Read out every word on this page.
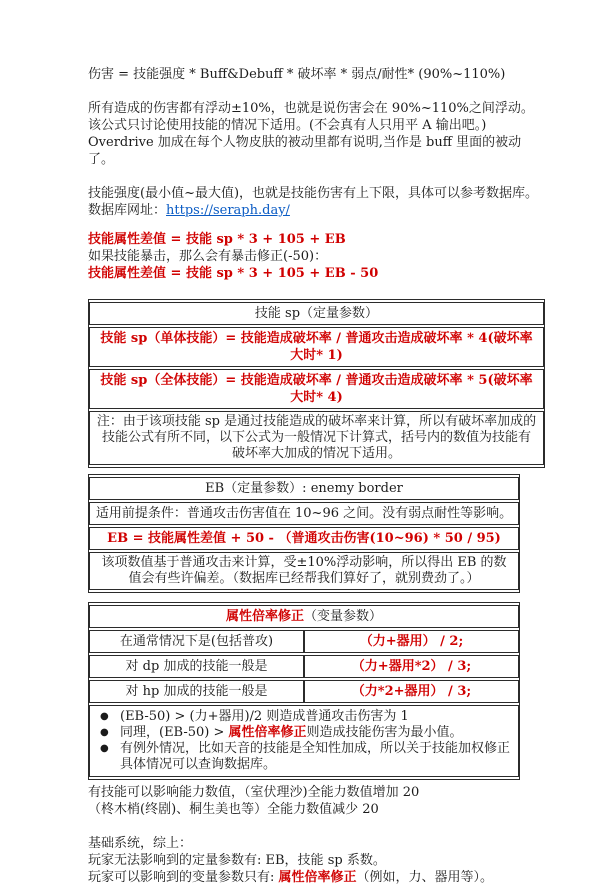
伤害 = 技能强度 * Buff&Debuff * 破坏率 * 弱点/耐性* (90%~110%)

所有造成的伤害都有浮动±10%，也就是说伤害会在 90%~110%之间浮动。

该公式只讨论使用技能的情况下适用。(不会真有人只用平 A 输出吧。)

Overdrive 加成在每个人物皮肤的被动里都有说明,当作是 buff 里面的被动了。

技能强度(最小值~最大值)，也就是技能伤害有上下限，具体可以参考数据库。

数据库网址：https://seraph.day/

技能属性差值 = 技能 sp * 3 + 105 + EB

如果技能暴击，那么会有暴击修正(-50)：

技能属性差值 = 技能 sp * 3 + 105 + EB - 50

技能 sp（定量参数）
技能 sp（单体技能）= 技能造成破坏率 / 普通攻击造成破坏率 * 4(破坏率大时* 1)
技能 sp（全体技能）= 技能造成破坏率 / 普通攻击造成破坏率 * 5(破坏率大时* 4)
注：由于该项技能 sp 是通过技能造成的破坏率来计算，所以有破坏率加成的技能公式有所不同，以下公式为一般情况下计算式，括号内的数值为技能有破坏率大加成的情况下适用。
EB（定量参数）: enemy border
适用前提条件：普通攻击伤害值在 10~96 之间。没有弱点耐性等影响。
EB = 技能属性差值 + 50 - （普通攻击伤害(10~96) * 50 / 95)
该项数值基于普通攻击来计算，受±10%浮动影响，所以得出 EB 的数值会有些许偏差。（数据库已经帮我们算好了，就别费劲了。）
属性倍率修正（变量参数）	
在通常情况下是(包括普攻)	（力+器用） / 2;
对 dp 加成的技能一般是	（力+器用*2） / 3;
对 hp 加成的技能一般是	（力*2+器用） / 3;

● (EB-50) > (力+器用)/2 则造成普通攻击伤害为 1
● 同理，(EB-50) > 属性倍率修正则造成技能伤害为最小值。
● 有例外情况，比如天音的技能是全知性加成，所以关于技能加权修正具体情况可以查询数据库。

有技能可以影响能力数值，（室伏理沙)全能力数值增加 20

（柊木梢(终剧)、桐生美也等）全能力数值减少 20

基础系统，综上：

玩家无法影响到的定量参数有: EB，技能 sp 系数。

玩家可以影响到的变量参数只有: 属性倍率修正（例如，力、器用等）。
